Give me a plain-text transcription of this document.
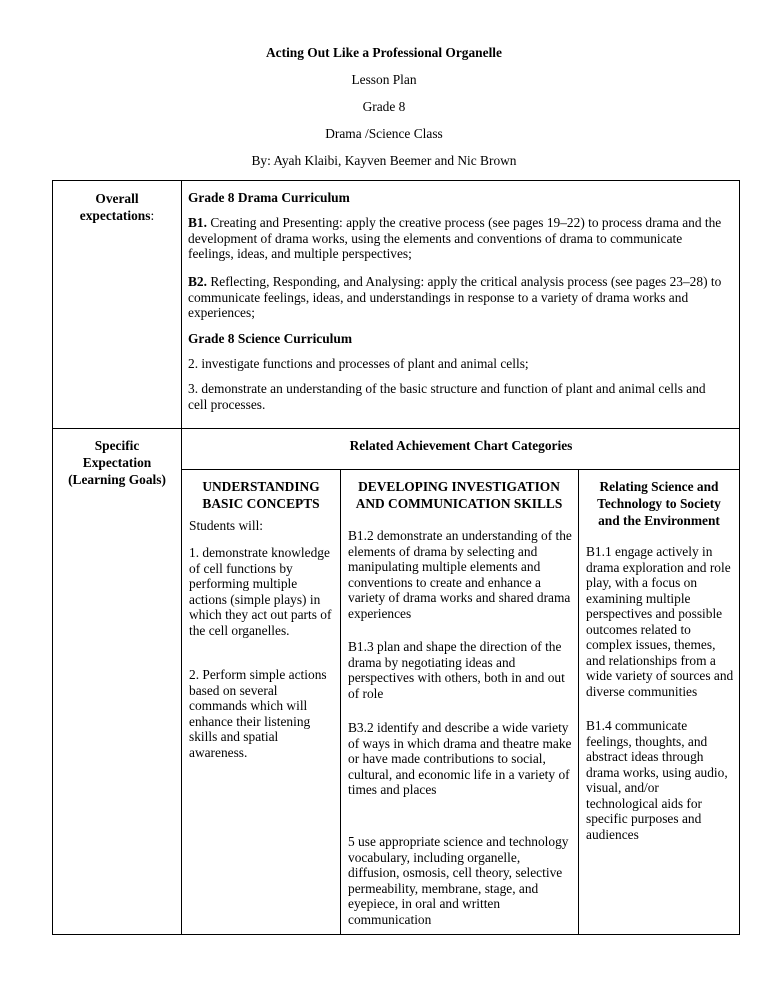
Acting Out Like a Professional Organelle
Lesson Plan
Grade 8
Drama /Science Class
By: Ayah Klaibi, Kayven Beemer and Nic Brown
Overall
expectations:
Grade 8 Drama Curriculum
B1. Creating and Presenting: apply the creative process (see pages 19–22) to process drama and the development of drama works, using the elements and conventions of drama to communicate feelings, ideas, and multiple perspectives;
B2. Reflecting, Responding, and Analysing: apply the critical analysis process (see pages 23–28) to communicate feelings, ideas, and understandings in response to a variety of drama works and experiences;
Grade 8 Science Curriculum
2. investigate functions and processes of plant and animal cells;
3. demonstrate an understanding of the basic structure and function of plant and animal cells and cell processes.
Specific
Expectation
(Learning Goals)
Related Achievement Chart Categories
UNDERSTANDING
BASIC CONCEPTS
Students will:
1. demonstrate knowledge of cell functions by performing multiple actions (simple plays) in which they act out parts of the cell organelles.
2. Perform simple actions based on several commands which will enhance their listening skills and spatial awareness.
DEVELOPING INVESTIGATION
AND COMMUNICATION SKILLS
B1.2 demonstrate an understanding of the elements of drama by selecting and manipulating multiple elements and conventions to create and enhance a variety of drama works and shared drama experiences
B1.3 plan and shape the direction of the drama by negotiating ideas and perspectives with others, both in and out of role
B3.2 identify and describe a wide variety of ways in which drama and theatre make or have made contributions to social, cultural, and economic life in a variety of times and places
5 use appropriate science and technology vocabulary, including organelle, diffusion, osmosis, cell theory, selective permeability, membrane, stage, and eyepiece, in oral and written communication
Relating Science and
Technology to Society
and the Environment
B1.1 engage actively in drama exploration and role play, with a focus on examining multiple perspectives and possible outcomes related to complex issues, themes, and relationships from a wide variety of sources and diverse communities
B1.4 communicate feelings, thoughts, and abstract ideas through drama works, using audio, visual, and/or technological aids for specific purposes and audiences
